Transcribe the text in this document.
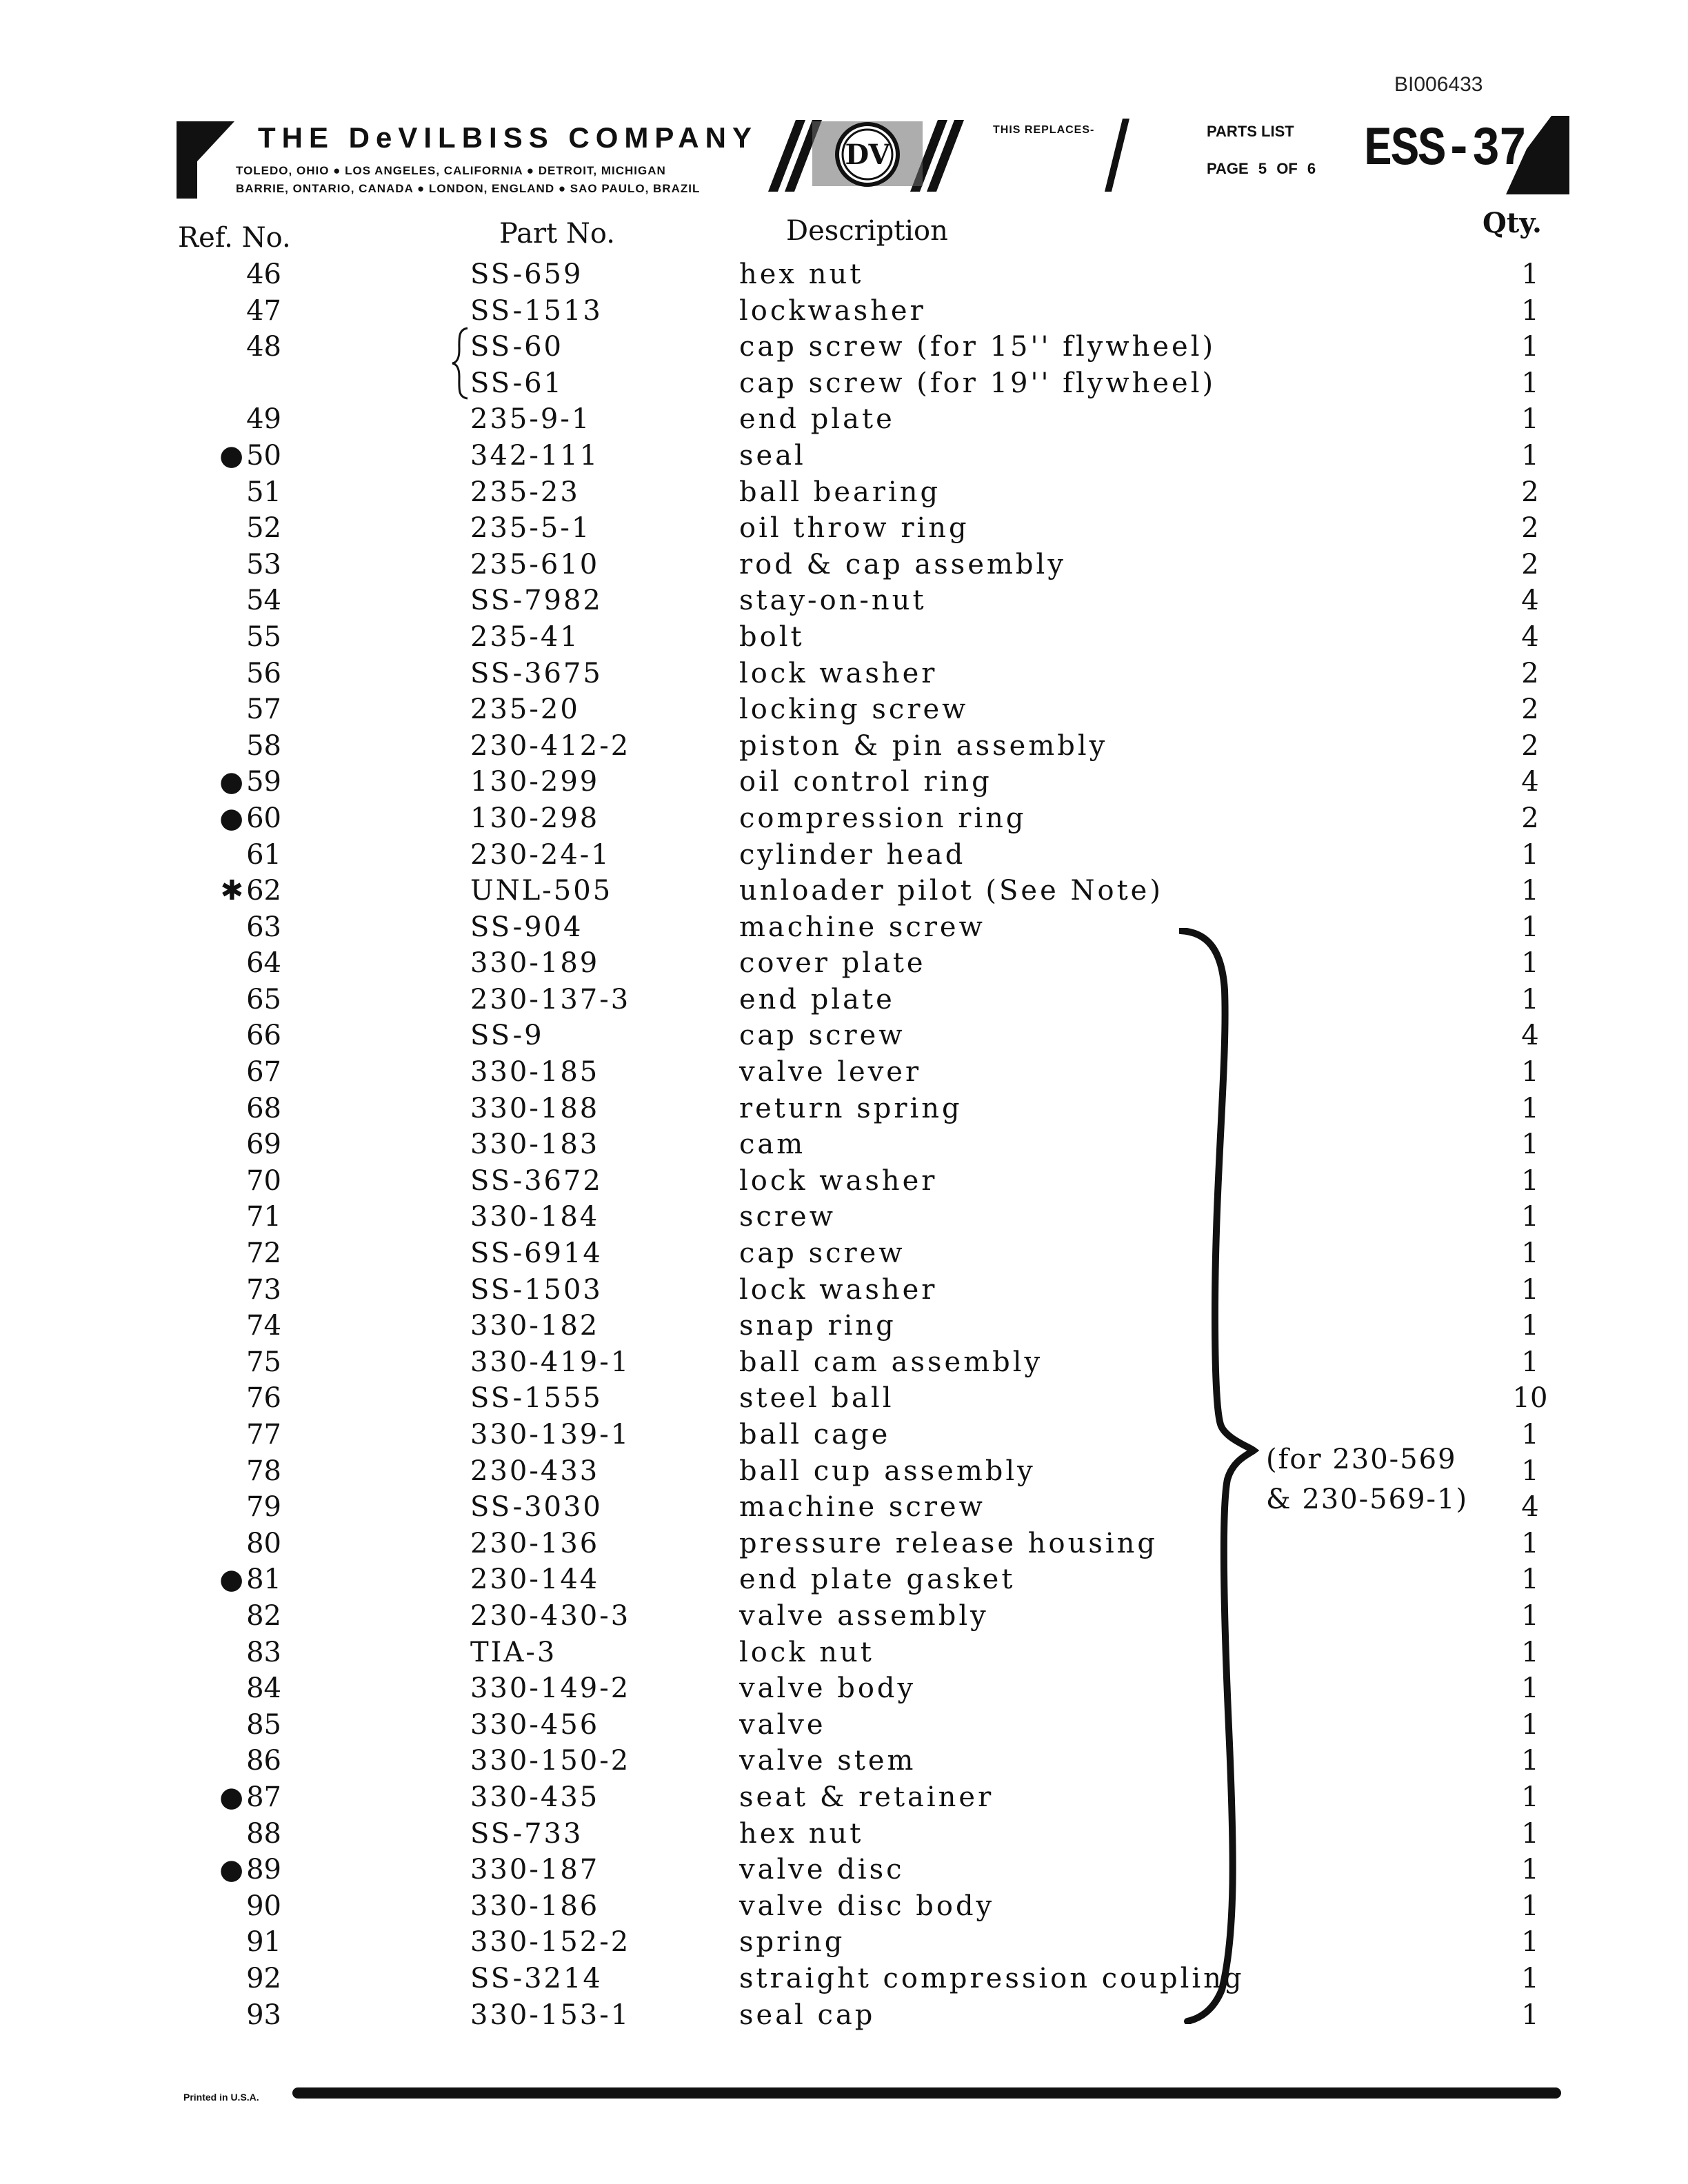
BI006433
THE DeVILBISS COMPANY
TOLEDO, OHIO ● LOS ANGELES, CALIFORNIA ● DETROIT, MICHIGAN
BARRIE, ONTARIO, CANADA ● LONDON, ENGLAND ● SAO PAULO, BRAZIL
DV
THIS REPLACES-	PARTS LIST
PAGE 5 OF 6 ESS-37
Ref. No.	Part No.	Description	Qty.
46	SS-659	hex nut	1
47	SS-1513	lockwasher	1
48	SS-60	cap screw (for 15'' flywheel)	1
SS-61	cap screw (for 19'' flywheel)	1
49	235-9-1	end plate	1
● 50	342-111	seal	1
51	235-23	ball bearing	2
52	235-5-1	oil throw ring	2
53	235-610	rod & cap assembly	2
54	SS-7982	stay-on-nut	4
55	235-41	bolt	4
56	SS-3675	lock washer	2
57	235-20	locking screw	2
58	230-412-2	piston & pin assembly	2
● 59	130-299	oil control ring	4
● 60	130-298	compression ring	2
61	230-24-1	cylinder head	1
✱ 62	UNL-505	unloader pilot (See Note)	1
63	SS-904	machine screw	1
64	330-189	cover plate	1
65	230-137-3	end plate	1
66	SS-9	cap screw	4
67	330-185	valve lever	1
68	330-188	return spring	1
69	330-183	cam	1
70	SS-3672	lock washer	1
71	330-184	screw	1
72	SS-6914	cap screw	1
73	SS-1503	lock washer	1
74	330-182	snap ring	1
75	330-419-1	ball cam assembly	1
76	SS-1555	steel ball	10
77	330-139-1	ball cage	1
78	230-433	ball cup assembly	1
79	SS-3030	machine screw	4
80	230-136	pressure release housing	1
● 81	230-144	end plate gasket	1
82	230-430-3	valve assembly	1
83	TIA-3	lock nut	1
84	330-149-2	valve body	1
85	330-456	valve	1
86	330-150-2	valve stem	1
● 87	330-435	seat & retainer	1
88	SS-733	hex nut	1
● 89	330-187	valve disc	1
90	330-186	valve disc body	1
91	330-152-2	spring	1
92	SS-3214	straight compression coupling	1
93	330-153-1	seal cap	1
(for 230-569
& 230-569-1)
Printed in U.S.A.
